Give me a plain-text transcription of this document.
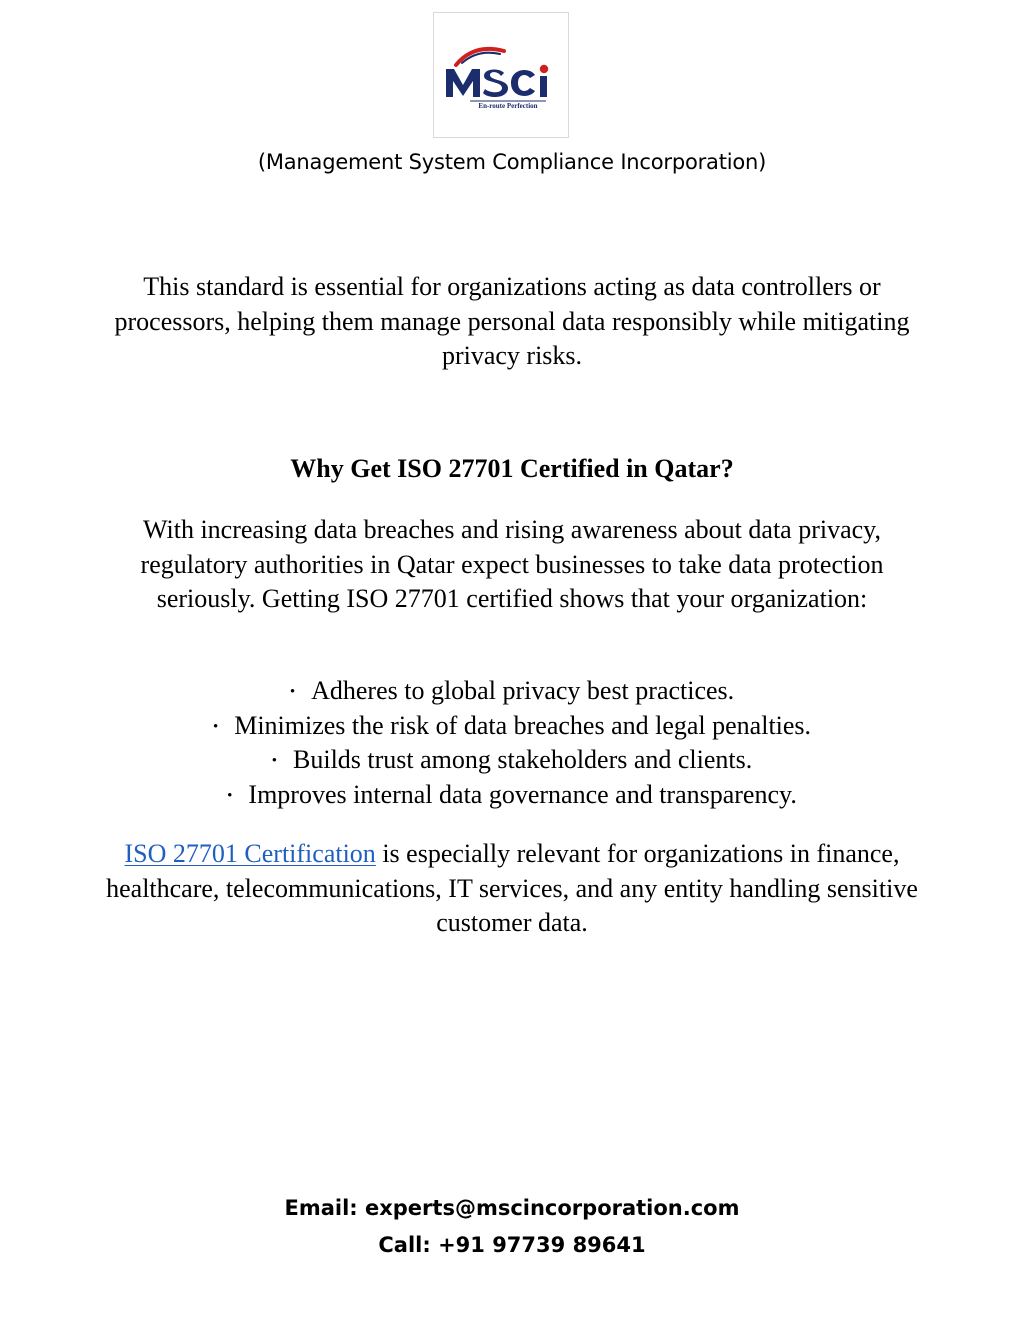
En-route Perfection
(Management System Compliance Incorporation)

This standard is essential for organizations acting as data controllers or processors, helping them manage personal data responsibly while mitigating privacy risks.

Why Get ISO 27701 Certified in Qatar?

With increasing data breaches and rising awareness about data privacy, regulatory authorities in Qatar expect businesses to take data protection seriously. Getting ISO 27701 certified shows that your organization:

• Adheres to global privacy best practices.
• Minimizes the risk of data breaches and legal penalties.
• Builds trust among stakeholders and clients.
• Improves internal data governance and transparency.

ISO 27701 Certification is especially relevant for organizations in finance, healthcare, telecommunications, IT services, and any entity handling sensitive customer data.

Email: experts@mscincorporation.com
Call: +91 97739 89641
